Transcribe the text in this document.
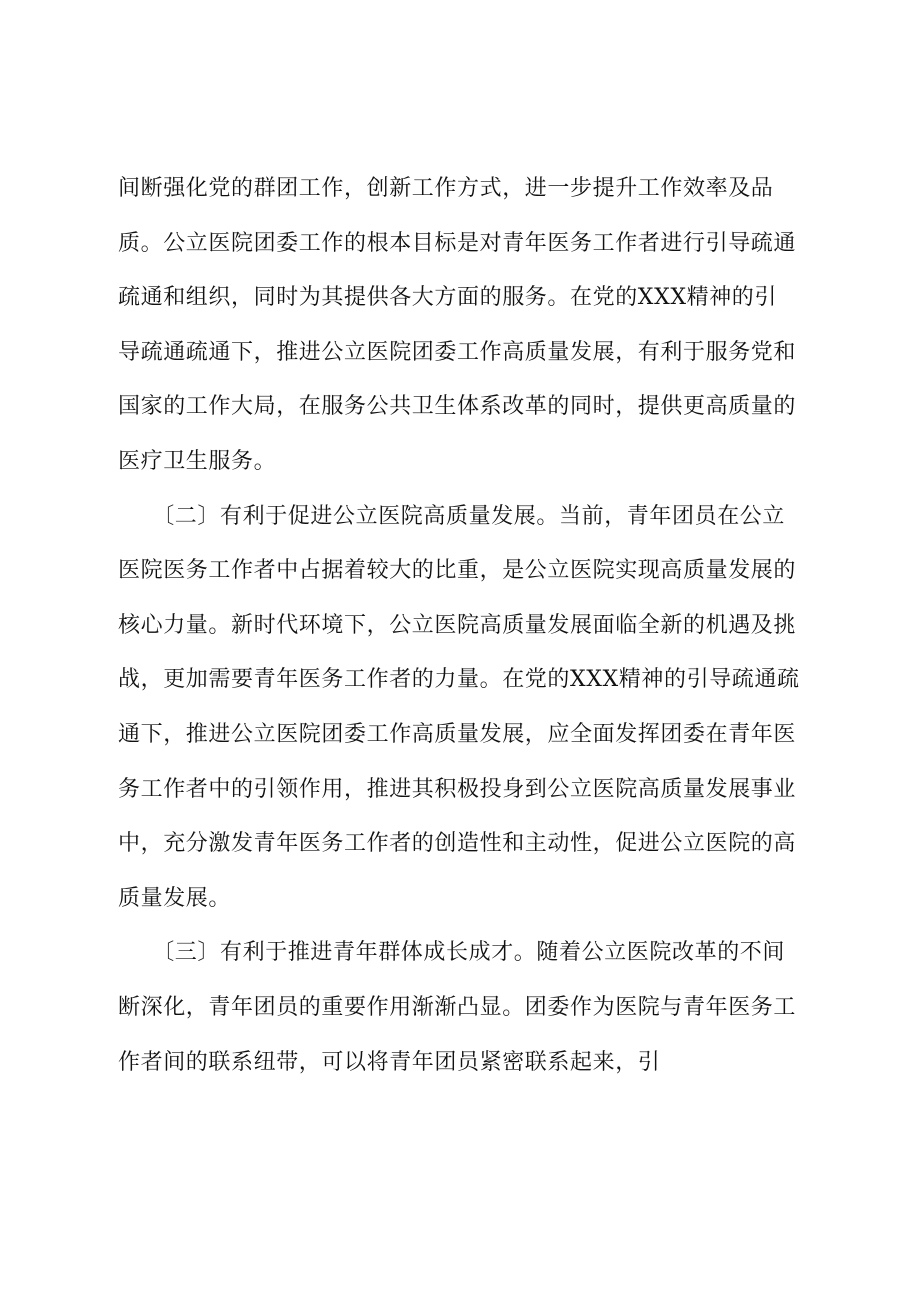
间断强化党的群团工作，创新工作方式，进一步提升工作效率及品
质。公立医院团委工作的根本目标是对青年医务工作者进行引导疏通
疏通和组织，同时为其提供各大方面的服务。在党的XXX精神的引
导疏通疏通下，推进公立医院团委工作高质量发展，有利于服务党和
国家的工作大局，在服务公共卫生体系改革的同时，提供更高质量的
医疗卫生服务。
　　〔二〕有利于促进公立医院高质量发展。当前，青年团员在公立
医院医务工作者中占据着较大的比重，是公立医院实现高质量发展的
核心力量。新时代环境下，公立医院高质量发展面临全新的机遇及挑
战，更加需要青年医务工作者的力量。在党的XXX精神的引导疏通疏
通下，推进公立医院团委工作高质量发展，应全面发挥团委在青年医
务工作者中的引领作用，推进其积极投身到公立医院高质量发展事业
中，充分激发青年医务工作者的创造性和主动性，促进公立医院的高
质量发展。
　　〔三〕有利于推进青年群体成长成才。随着公立医院改革的不间
断深化，青年团员的重要作用渐渐凸显。团委作为医院与青年医务工
作者间的联系纽带，可以将青年团员紧密联系起来，引
